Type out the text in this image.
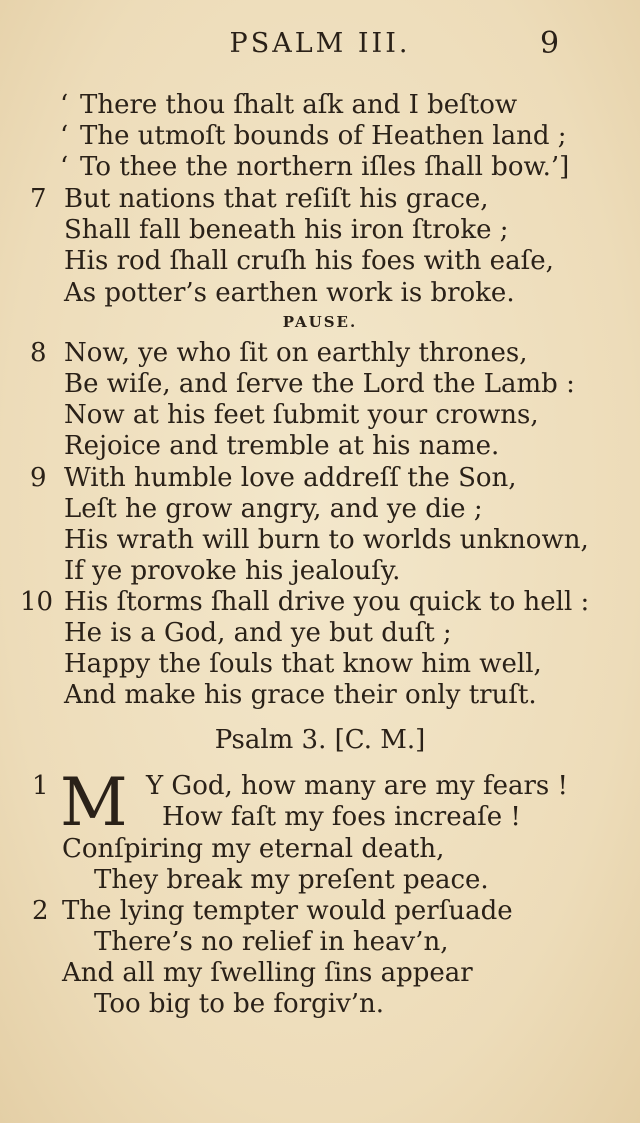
PSALM III.	9
‘ There thou ſhalt aſk and I beſtow
‘ The utmoſt bounds of Heathen land ;
‘ To thee the northern iſles ſhall bow.’]
7 But nations that reſiſt his grace,
Shall fall beneath his iron ſtroke ;
His rod ſhall cruſh his foes with eaſe,
As potter’s earthen work is broke.
PAUSE.
8 Now, ye who ſit on earthly thrones,
Be wiſe, and ſerve the Lord the Lamb :
Now at his feet ſubmit your crowns,
Rejoice and tremble at his name.
9 With humble love addreſſ the Son,
Leſt he grow angry, and ye die ;
His wrath will burn to worlds unknown,
If ye provoke his jealouſy.
10 His ſtorms ſhall drive you quick to hell :
He is a God, and ye but duſt ;
Happy the ſouls that know him well,
And make his grace their only truſt.
Psalm 3. [C. M.]
M
1	Y God, how many are my fears !
How faſt my foes increaſe !
Conſpiring my eternal death,
They break my preſent peace.
2 The lying tempter would perſuade
There’s no relief in heav’n,
And all my ſwelling ſins appear
Too big to be forgiv’n.
